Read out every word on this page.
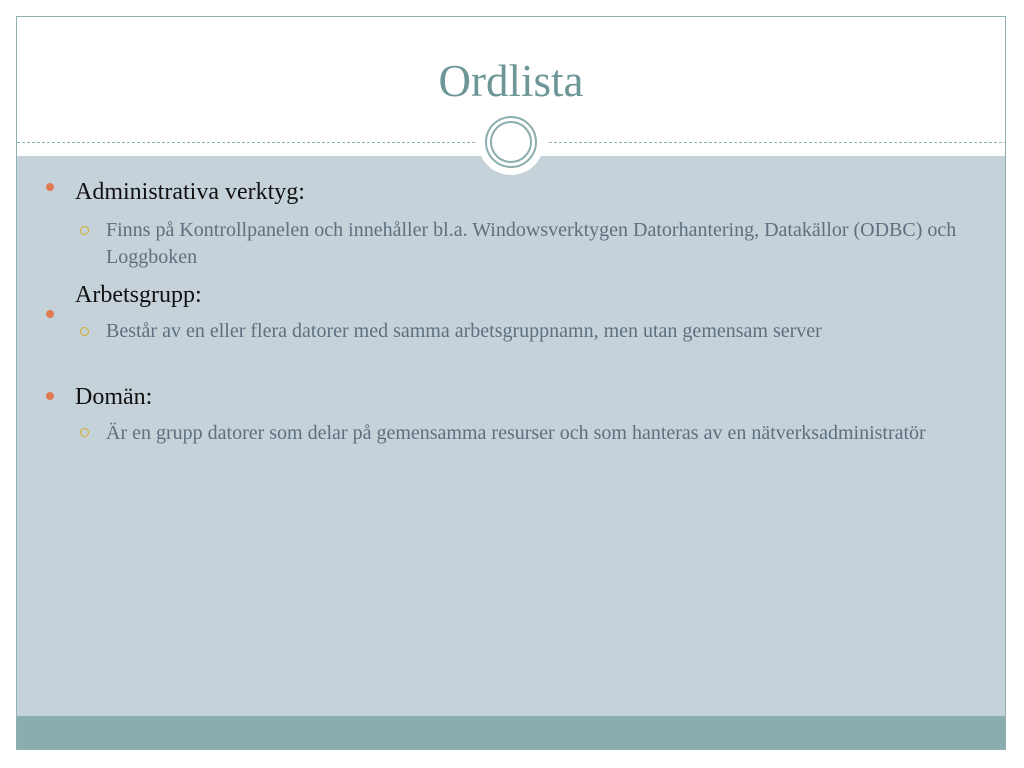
Ordlista
Administrativa verktyg:
Finns på Kontrollpanelen och innehåller bl.a. Windowsverktygen Datorhantering, Datakällor (ODBC) och Loggboken
Arbetsgrupp:
Består av en eller flera datorer med samma arbetsgruppnamn, men utan gemensam server
Domän:
Är en grupp datorer som delar på gemensamma resurser och som hanteras av en nätverksadministratör
